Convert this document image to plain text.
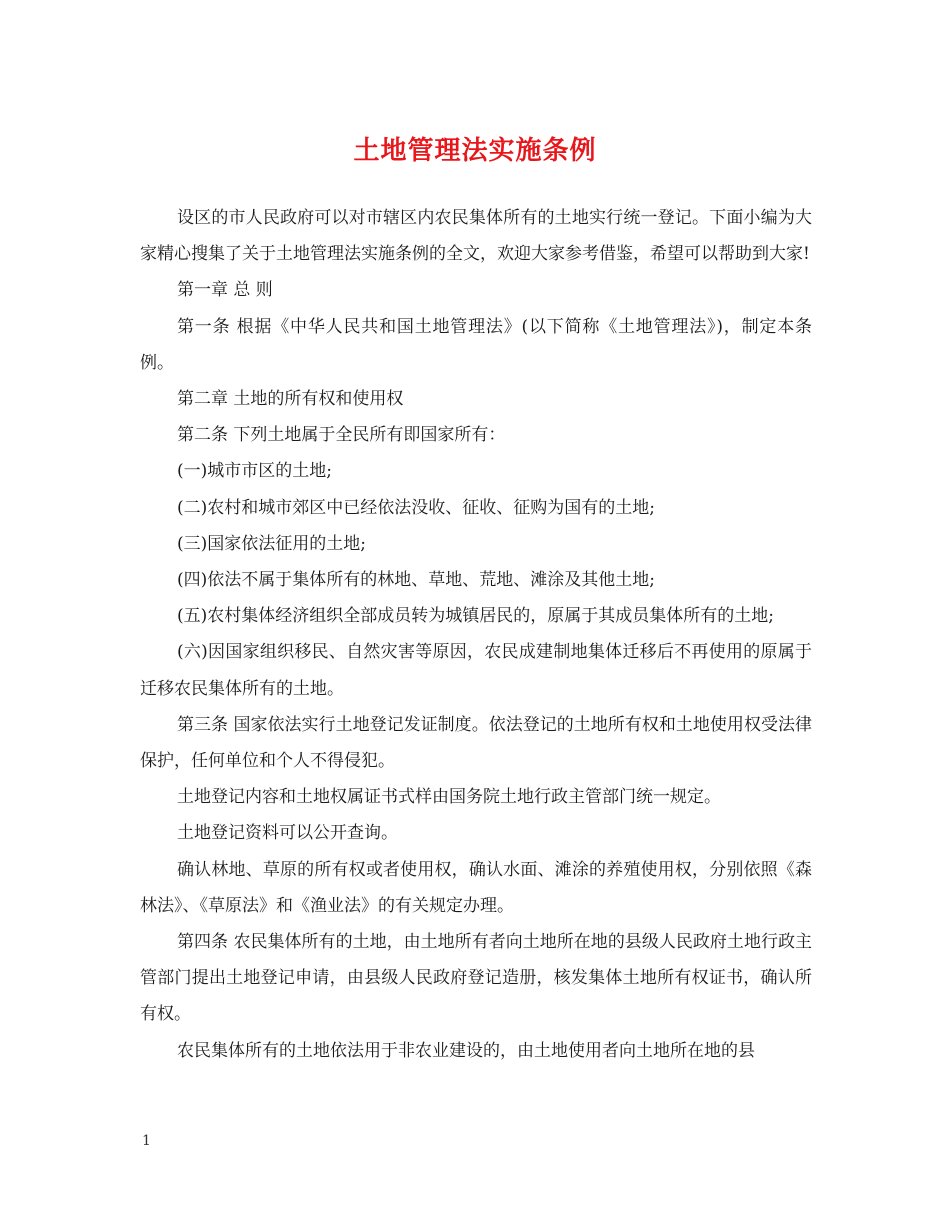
土地管理法实施条例

设区的市人民政府可以对市辖区内农民集体所有的土地实行统一登记。下面小编为大家精心搜集了关于土地管理法实施条例的全文，欢迎大家参考借鉴，希望可以帮助到大家!

第一章 总 则

第一条 根据《中华人民共和国土地管理法》(以下简称《土地管理法》)，制定本条例。

第二章 土地的所有权和使用权

第二条 下列土地属于全民所有即国家所有：

(一)城市市区的土地;

(二)农村和城市郊区中已经依法没收、征收、征购为国有的土地;

(三)国家依法征用的土地;

(四)依法不属于集体所有的林地、草地、荒地、滩涂及其他土地;

(五)农村集体经济组织全部成员转为城镇居民的，原属于其成员集体所有的土地;

(六)因国家组织移民、自然灾害等原因，农民成建制地集体迁移后不再使用的原属于迁移农民集体所有的土地。

第三条 国家依法实行土地登记发证制度。依法登记的土地所有权和土地使用权受法律保护，任何单位和个人不得侵犯。

土地登记内容和土地权属证书式样由国务院土地行政主管部门统一规定。

土地登记资料可以公开查询。

确认林地、草原的所有权或者使用权，确认水面、滩涂的养殖使用权，分别依照《森林法》、《草原法》和《渔业法》的有关规定办理。

第四条 农民集体所有的土地，由土地所有者向土地所在地的县级人民政府土地行政主管部门提出土地登记申请，由县级人民政府登记造册，核发集体土地所有权证书，确认所有权。

农民集体所有的土地依法用于非农业建设的，由土地使用者向土地所在地的县

1
